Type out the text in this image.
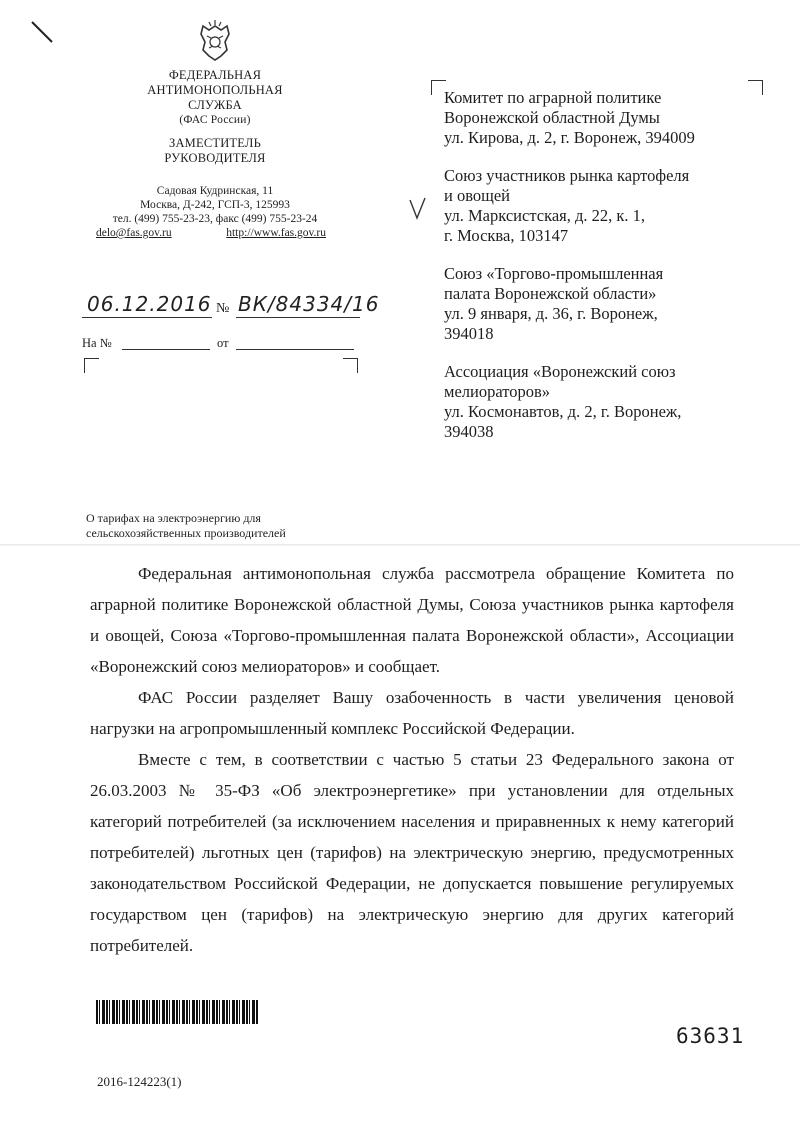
ФЕДЕРАЛЬНАЯ
АНТИМОНОПОЛЬНАЯ
СЛУЖБА
(ФАС России)
ЗАМЕСТИТЕЛЬ
РУКОВОДИТЕЛЯ
Садовая Кудринская, 11
Москва, Д-242, ГСП-3, 125993
тел. (499) 755-23-23, факс (499) 755-23-24
delo@fas.gov.ru	http://www.fas.gov.ru
06.12.2016 № ВК/84334/16
На №	от
Комитет по аграрной политике
Воронежской областной Думы
ул. Кирова, д. 2, г. Воронеж, 394009
Союз участников рынка картофеля
и овощей
ул. Марксистская, д. 22, к. 1,
г. Москва, 103147
Союз «Торгово-промышленная
палата Воронежской области»
ул. 9 января, д. 36, г. Воронеж,
394018
Ассоциация «Воронежский союз
мелиораторов»
ул. Космонавтов, д. 2, г. Воронеж,
394038
О тарифах на электроэнергию для
сельскохозяйственных производителей

Федеральная антимонопольная служба рассмотрела обращение Комитета по аграрной политике Воронежской областной Думы, Союза участников рынка картофеля и овощей, Союза «Торгово-промышленная палата Воронежской области», Ассоциации «Воронежский союз мелиораторов» и сообщает.

ФАС России разделяет Вашу озабоченность в части увеличения ценовой нагрузки на агропромышленный комплекс Российской Федерации.

Вместе с тем, в соответствии с частью 5 статьи 23 Федерального закона от 26.03.2003 № 35-ФЗ «Об электроэнергетике» при установлении для отдельных категорий потребителей (за исключением населения и приравненных к нему категорий потребителей) льготных цен (тарифов) на электрическую энергию, предусмотренных законодательством Российской Федерации, не допускается повышение регулируемых государством цен (тарифов) на электрическую энергию для других категорий потребителей.

63631
2016-124223(1)
